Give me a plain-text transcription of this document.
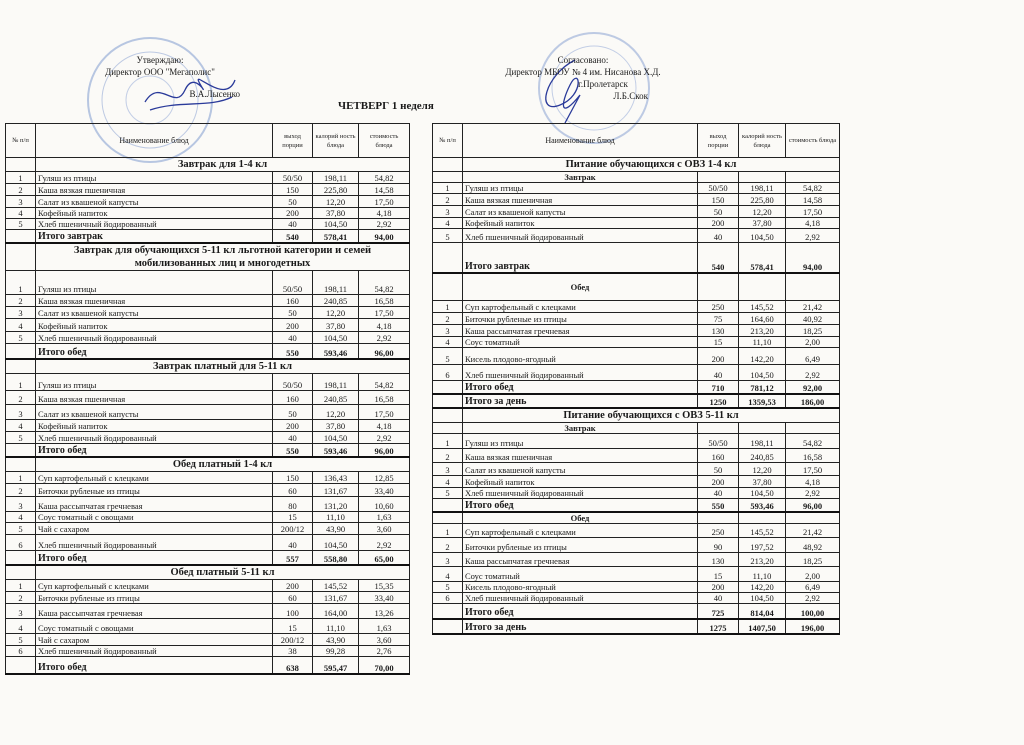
Утверждаю:
Директор ООО "Мегаполис"
В.А.Лысенко
Согласовано:
Директор МБОУ № 4 им. Нисанова Х.Д.
г.Пролетарск
Л.Б.Скок
ЧЕТВЕРГ 1 неделя
№ п/п	Наименование блюд	выход порции	калорий ность блюда	стоимость блюда
	Завтрак для 1-4 кл			
1	Гуляш из птицы	50/50	198,11	54,82
2	Каша вязкая пшеничная	150	225,80	14,58
3	Салат из квашеной капусты	50	12,20	17,50
4	Кофейный напиток	200	37,80	4,18
5	Хлеб пшеничный йодированный	40	104,50	2,92
	Итого завтрак	540	578,41	94,00
	Завтрак для обучающихся 5-11 кл льготной категории и семей мобилизованных лиц и многодетных			
1	Гуляш из птицы	50/50	198,11	54,82
2	Каша вязкая пшеничная	160	240,85	16,58
3	Салат из квашеной капусты	50	12,20	17,50
4	Кофейный напиток	200	37,80	4,18
5	Хлеб пшеничный йодированный	40	104,50	2,92
	Итого обед	550	593,46	96,00
	Завтрак платный для 5-11 кл			
1	Гуляш из птицы	50/50	198,11	54,82
2	Каша вязкая пшеничная	160	240,85	16,58
3	Салат из квашеной капусты	50	12,20	17,50
4	Кофейный напиток	200	37,80	4,18
5	Хлеб пшеничный йодированный	40	104,50	2,92
	Итого обед	550	593,46	96,00
	Обед платный 1-4 кл			
1	Суп картофельный с клецками	150	136,43	12,85
2	Биточки рубленые из птицы	60	131,67	33,40
3	Каша рассыпчатая гречневая	80	131,20	10,60
4	Соус томатный с овощами	15	11,10	1,63
5	Чай с сахаром	200/12	43,90	3,60
6	Хлеб пшеничный йодированный	40	104,50	2,92
	Итого обед	557	558,80	65,00
	Обед платный 5-11 кл			
1	Суп картофельный с клецками	200	145,52	15,35
2	Биточки рубленые из птицы	60	131,67	33,40
3	Каша рассыпчатая гречневая	100	164,00	13,26
4	Соус томатный с овощами	15	11,10	1,63
5	Чай с сахаром	200/12	43,90	3,60
6	Хлеб пшеничный йодированный	38	99,28	2,76
	Итого обед	638	595,47	70,00
№ п/п	Наименование блюд	выход порции	калорий ность блюда	стоимость блюда
	Питание обучающихся с ОВЗ 1-4 кл			
	Завтрак			
1	Гуляш из птицы	50/50	198,11	54,82
2	Каша вязкая пшеничная	150	225,80	14,58
3	Салат из квашеной капусты	50	12,20	17,50
4	Кофейный напиток	200	37,80	4,18
5	Хлеб пшеничный йодированный	40	104,50	2,92
	Итого завтрак	540	578,41	94,00
	Обед			
1	Суп картофельный с клецками	250	145,52	21,42
2	Биточки рубленые из птицы	75	164,60	40,92
3	Каша рассыпчатая гречневая	130	213,20	18,25
4	Соус томатный	15	11,10	2,00
5	Кисель плодово-ягодный	200	142,20	6,49
6	Хлеб пшеничный йодированный	40	104,50	2,92
	Итого обед	710	781,12	92,00
	Итого за день	1250	1359,53	186,00
	Питание обучающихся с ОВЗ 5-11 кл			
	Завтрак			
1	Гуляш из птицы	50/50	198,11	54,82
2	Каша вязкая пшеничная	160	240,85	16,58
3	Салат из квашеной капусты	50	12,20	17,50
4	Кофейный напиток	200	37,80	4,18
5	Хлеб пшеничный йодированный	40	104,50	2,92
	Итого обед	550	593,46	96,00
	Обед			
1	Суп картофельный с клецками	250	145,52	21,42
2	Биточки рубленые из птицы	90	197,52	48,92
3	Каша рассыпчатая гречневая	130	213,20	18,25
4	Соус томатный	15	11,10	2,00
5	Кисель плодово-ягодный	200	142,20	6,49
6	Хлеб пшеничный йодированный	40	104,50	2,92
	Итого обед	725	814,04	100,00
	Итого за день	1275	1407,50	196,00
